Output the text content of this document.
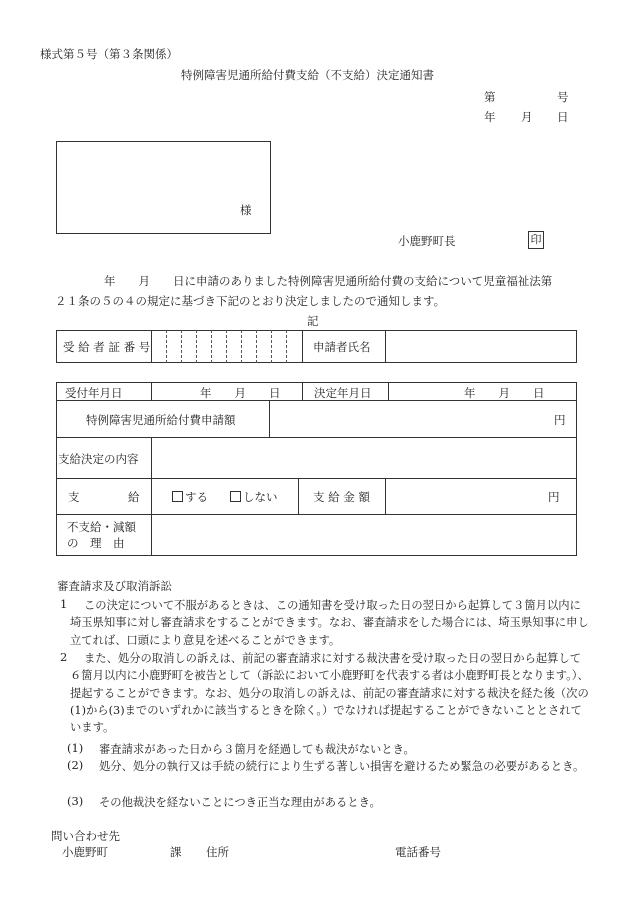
様式第５号（第３条関係）
特例障害児通所給付費支給（不支給）決定通知書
第	号
年 月 日
様
小鹿野町長	印
年　　月　　日に申請のありました特例障害児通所給付費の支給について児童福祉法第
２１条の５の４の規定に基づき下記のとおり決定しましたので通知します。
記
受 給 者 証 番 号	申請者氏名
受付年月日	年　　月　　日	決定年月日	年　　月　　日
特例障害児通所給付費申請額	円
支給決定の内容
支	給	する	しない	支 給 金 額	円
不支給・減額
の　理　由
審査請求及び取消訴訟
1	この決定について不服があるときは、この通知書を受け取った日の翌日から起算して３箇月以内に埼玉県知事に対し審査請求をすることができます。なお、審査請求をした場合には、埼玉県知事に申し立てれば、口頭により意見を述べることができます。
2	また、処分の取消しの訴えは、前記の審査請求に対する裁決書を受け取った日の翌日から起算して６箇月以内に小鹿野町を被告として（訴訟において小鹿野町を代表する者は小鹿野町長となります。）、提起することができます。なお、処分の取消しの訴えは、前記の審査請求に対する裁決を経た後（次の(1)から(3)までのいずれかに該当するときを除く。）でなければ提起することができないこととされています。
(1) 審査請求があった日から３箇月を経過しても裁決がないとき。
(2) 処分、処分の執行又は手続の続行により生ずる著しい損害を避けるため緊急の必要があるとき。
(3) その他裁決を経ないことにつき正当な理由があるとき。
問い合わせ先
小鹿野町	課 住所	電話番号
